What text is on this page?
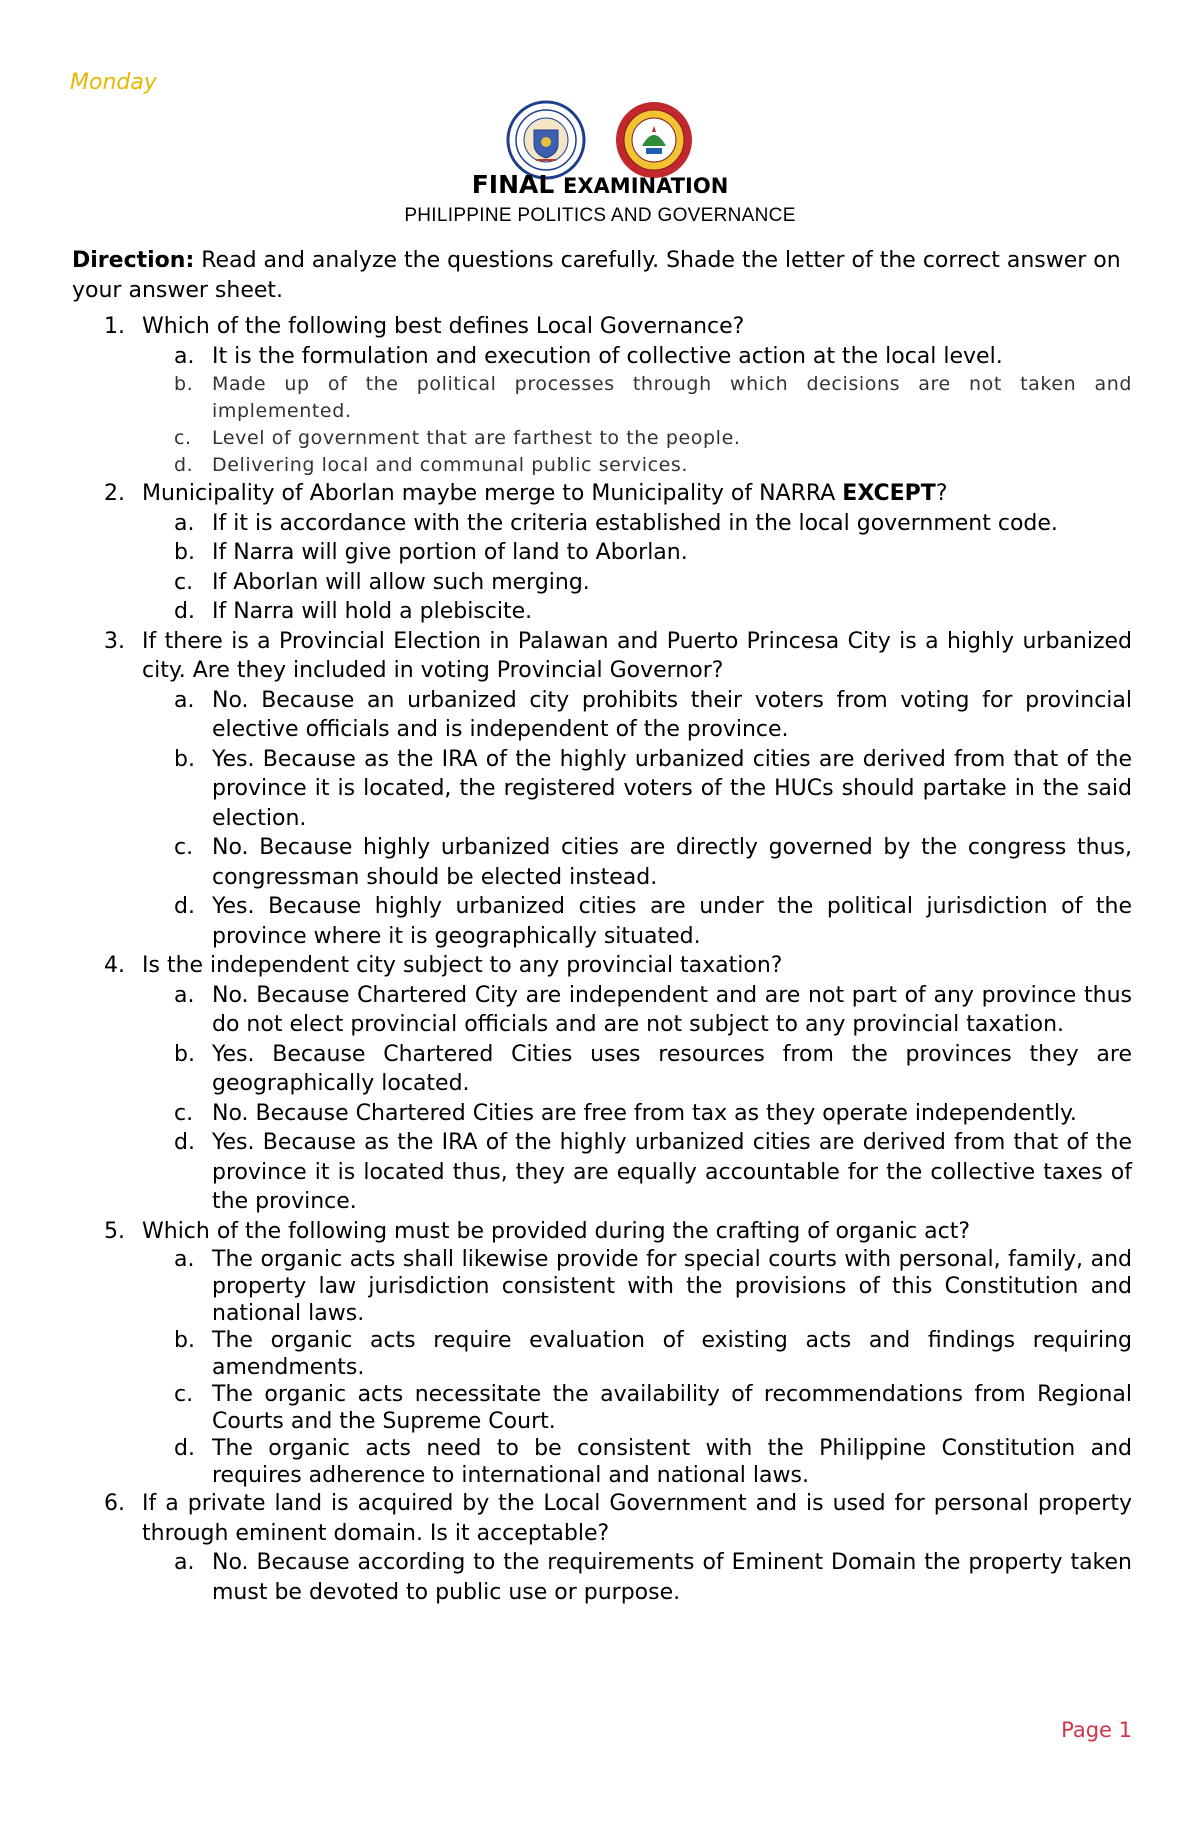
Monday
FINAL EXAMINATION
PHILIPPINE POLITICS AND GOVERNANCE
Direction: Read and analyze the questions carefully. Shade the letter of the correct answer on your answer sheet.
1. Which of the following best defines Local Governance?
a. It is the formulation and execution of collective action at the local level.
b. Made up of the political processes through which decisions are not taken and implemented.
c. Level of government that are farthest to the people.
d. Delivering local and communal public services.
2. Municipality of Aborlan maybe merge to Municipality of NARRA EXCEPT?
a. If it is accordance with the criteria established in the local government code.
b. If Narra will give portion of land to Aborlan.
c. If Aborlan will allow such merging.
d. If Narra will hold a plebiscite.
3. If there is a Provincial Election in Palawan and Puerto Princesa City is a highly urbanized city. Are they included in voting Provincial Governor?
a. No. Because an urbanized city prohibits their voters from voting for provincial elective officials and is independent of the province.
b. Yes. Because as the IRA of the highly urbanized cities are derived from that of the province it is located, the registered voters of the HUCs should partake in the said election.
c. No. Because highly urbanized cities are directly governed by the congress thus, congressman should be elected instead.
d. Yes. Because highly urbanized cities are under the political jurisdiction of the province where it is geographically situated.
4. Is the independent city subject to any provincial taxation?
a. No. Because Chartered City are independent and are not part of any province thus do not elect provincial officials and are not subject to any provincial taxation.
b. Yes. Because Chartered Cities uses resources from the provinces they are geographically located.
c. No. Because Chartered Cities are free from tax as they operate independently.
d. Yes. Because as the IRA of the highly urbanized cities are derived from that of the province it is located thus, they are equally accountable for the collective taxes of the province.
5. Which of the following must be provided during the crafting of organic act?
a. The organic acts shall likewise provide for special courts with personal, family, and property law jurisdiction consistent with the provisions of this Constitution and national laws.
b. The organic acts require evaluation of existing acts and findings requiring amendments.
c. The organic acts necessitate the availability of recommendations from Regional Courts and the Supreme Court.
d. The organic acts need to be consistent with the Philippine Constitution and requires adherence to international and national laws.
6. If a private land is acquired by the Local Government and is used for personal property through eminent domain. Is it acceptable?
a. No. Because according to the requirements of Eminent Domain the property taken must be devoted to public use or purpose.
Page 1
